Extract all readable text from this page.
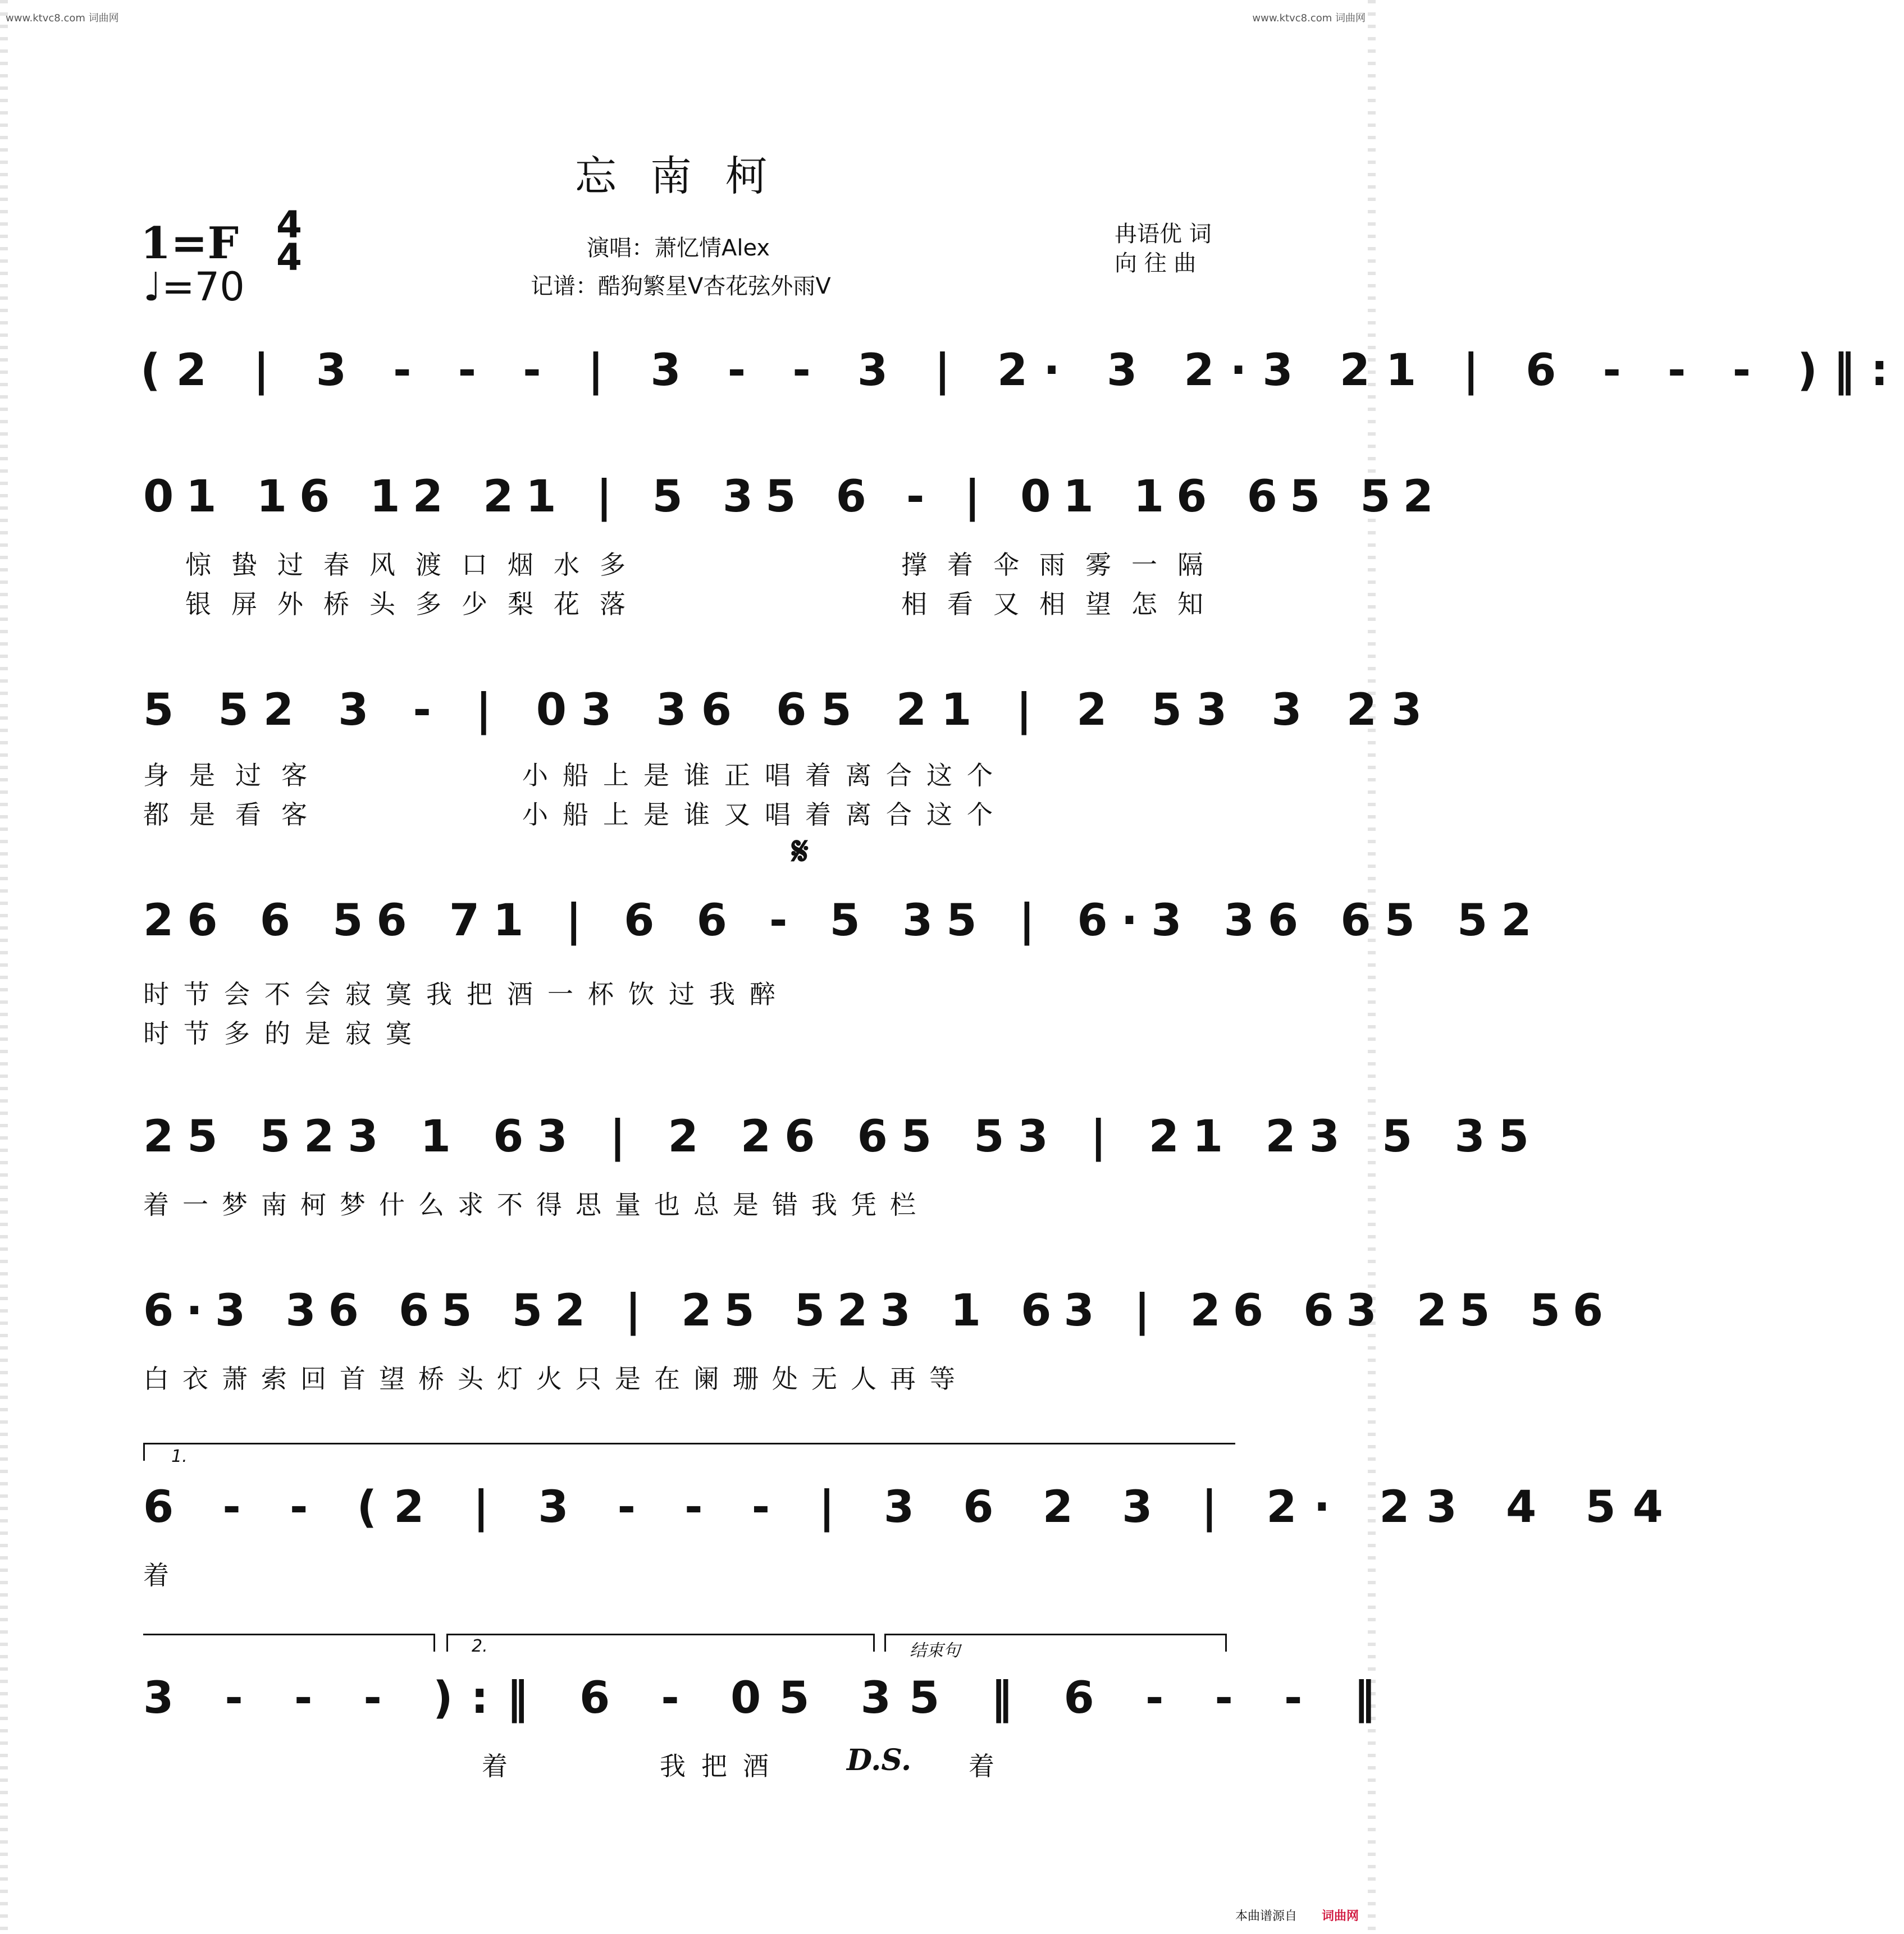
www.ktvc8.com 词曲网	www.ktvc8.com 词曲网
忘南柯
1=F 4
4
♩=70
演唱：萧忆情Alex
记谱：酷狗繁星V杏花弦外雨V
冉语优 词
向 往 曲
(2 | 3 - - - | 3 - - 3 | 2· 3 2·3 21 | 6 - - - )‖:
01 16 12 21 | 5 35 6 - | 01 16 65 52
惊蛰过春风渡口烟水多
银屏外桥头多少梨花落
撑着伞雨雾一隔
相看又相望怎知
5 52 3 - | 03 36 65 21 | 2 53 3 23
身是过客
都是看客
小船上是谁正唱着离合这个
小船上是谁又唱着离合这个
𝄋
26 6 56 71 | 6 6 - 5 35 | 6·3 36 65 52
时节会不会寂寞我把酒一杯饮过我醉
时节多的是寂寞
25 523 1 63 | 2 26 65 53 | 21 23 5 35
着一梦南柯梦什么求不得思量也总是错我凭栏
6·3 36 65 52 | 25 523 1 63 | 26 63 25 56
白衣萧索回首望桥头灯火只是在阑珊处无人再等
1.
6 - - (2 | 3 - - - | 3 6 2 3 | 2· 23 4 54
着
2.	结束句
3 - - - ):‖ 6 - 05 35 ‖ 6 - - - ‖
着	我把酒	着
D.S.
本曲谱源自 词曲网
